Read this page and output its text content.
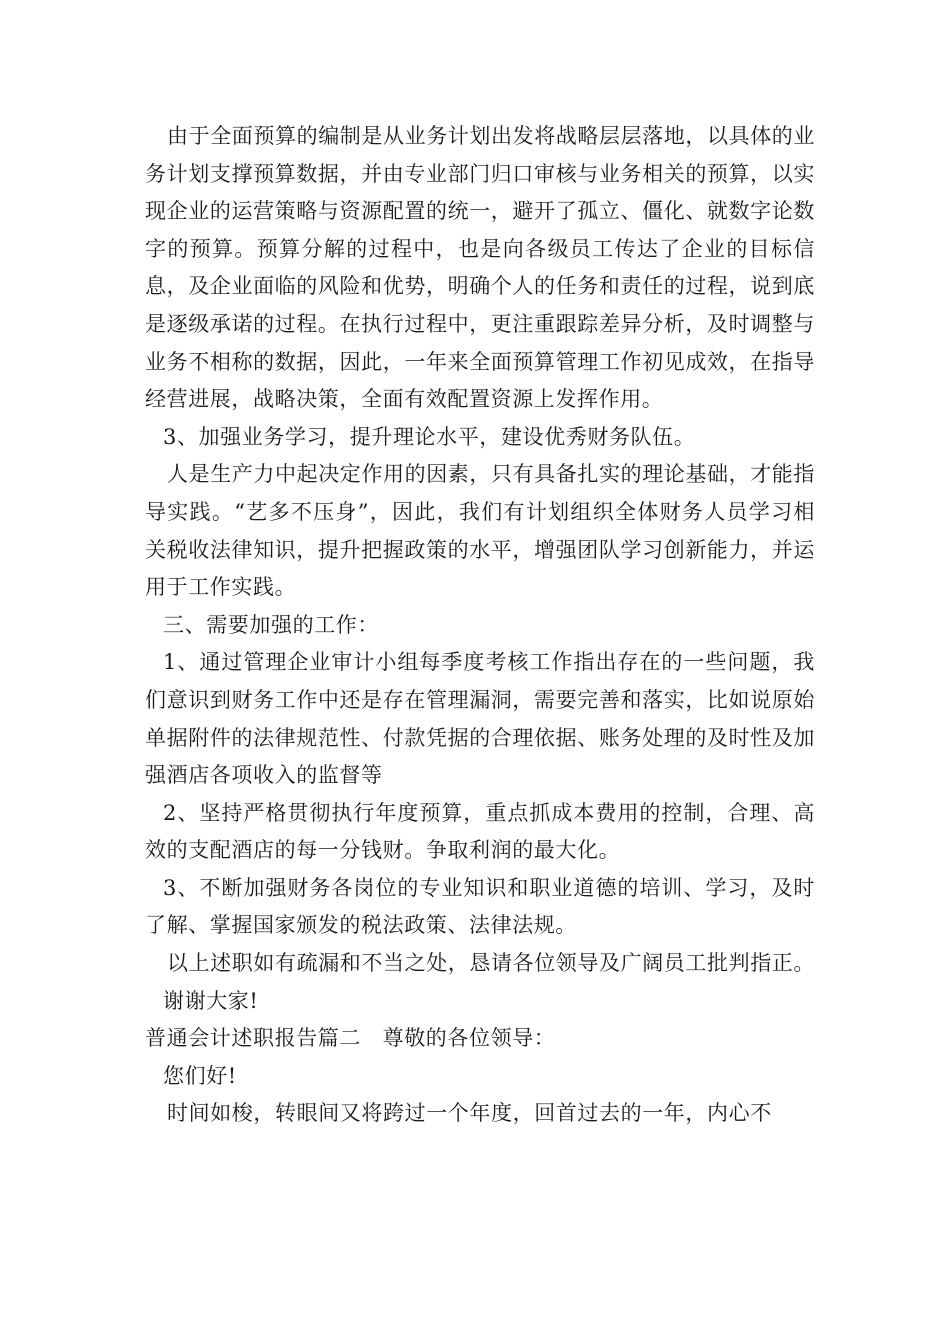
由于全面预算的编制是从业务计划出发将战略层层落地，以具体的业务计划支撑预算数据，并由专业部门归口审核与业务相关的预算，以实现企业的运营策略与资源配置的统一，避开了孤立、僵化、就数字论数字的预算。预算分解的过程中，也是向各级员工传达了企业的目标信息，及企业面临的风险和优势，明确个人的任务和责任的过程，说到底是逐级承诺的过程。在执行过程中，更注重跟踪差异分析，及时调整与业务不相称的数据，因此，一年来全面预算管理工作初见成效，在指导经营进展，战略决策，全面有效配置资源上发挥作用。

3、加强业务学习，提升理论水平，建设优秀财务队伍。

人是生产力中起决定作用的因素，只有具备扎实的理论基础，才能指导实践。“艺多不压身”，因此，我们有计划组织全体财务人员学习相关税收法律知识，提升把握政策的水平，增强团队学习创新能力，并运用于工作实践。

三、需要加强的工作：

1、通过管理企业审计小组每季度考核工作指出存在的一些问题，我们意识到财务工作中还是存在管理漏洞，需要完善和落实，比如说原始单据附件的法律规范性、付款凭据的合理依据、账务处理的及时性及加强酒店各项收入的监督等

2、坚持严格贯彻执行年度预算，重点抓成本费用的控制，合理、高效的支配酒店的每一分钱财。争取利润的最大化。

3、不断加强财务各岗位的专业知识和职业道德的培训、学习，及时了解、掌握国家颁发的税法政策、法律法规。

以上述职如有疏漏和不当之处，恳请各位领导及广阔员工批判指正。

谢谢大家!

普通会计述职报告篇二　尊敬的各位领导：

您们好!

时间如梭，转眼间又将跨过一个年度，回首过去的一年，内心不
